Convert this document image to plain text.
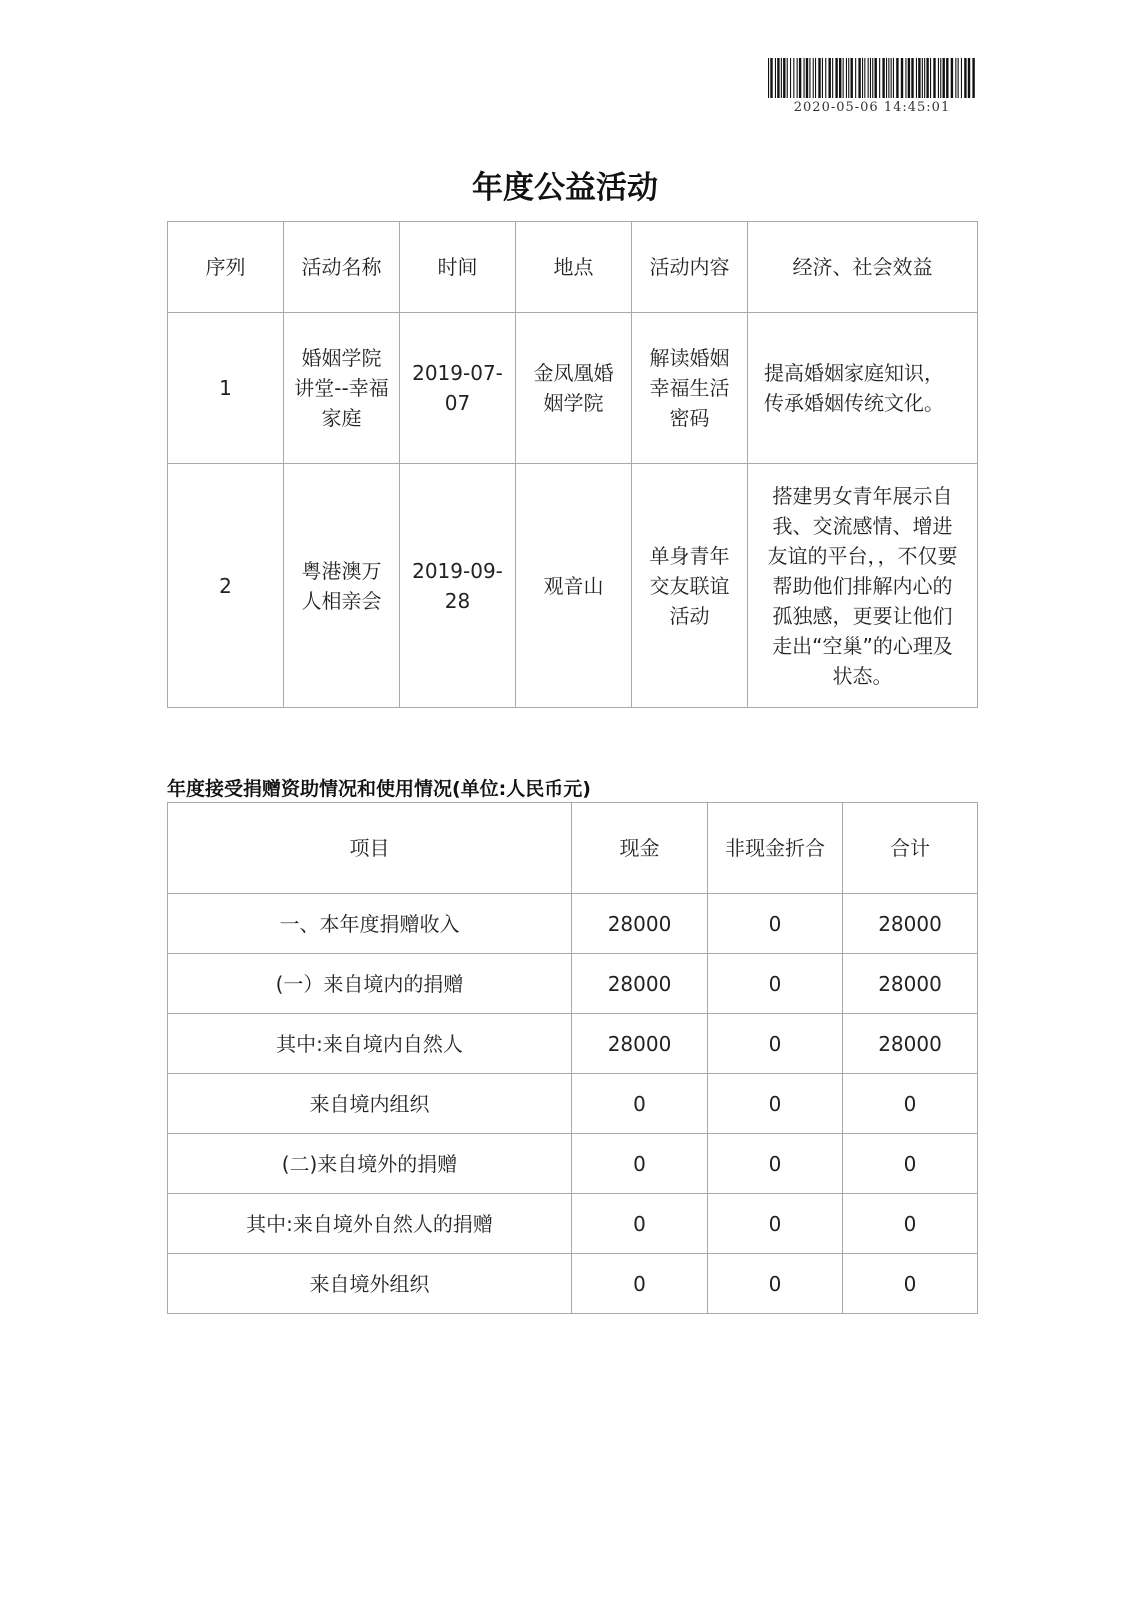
2020-05-06 14:45:01
年度公益活动
序列	活动名称	时间	地点	活动内容	经济、社会效益
1	婚姻学院讲堂--幸福家庭	2019-07-07	金凤凰婚姻学院	解读婚姻幸福生活密码	提高婚姻家庭知识，传承婚姻传统文化。
2	粤港澳万人相亲会	2019-09-28	观音山	单身青年交友联谊活动	搭建男女青年展示自我、交流感情、增进友谊的平台，，不仅要帮助他们排解内心的孤独感，更要让他们走出“空巢”的心理及状态。
年度接受捐赠资助情况和使用情况(单位:人民币元)
项目	现金	非现金折合	合计
一、本年度捐赠收入	28000	0	28000
(一）来自境内的捐赠	28000	0	28000
其中:来自境内自然人	28000	0	28000
来自境内组织	0	0	0
(二)来自境外的捐赠	0	0	0
其中:来自境外自然人的捐赠	0	0	0
来自境外组织	0	0	0
